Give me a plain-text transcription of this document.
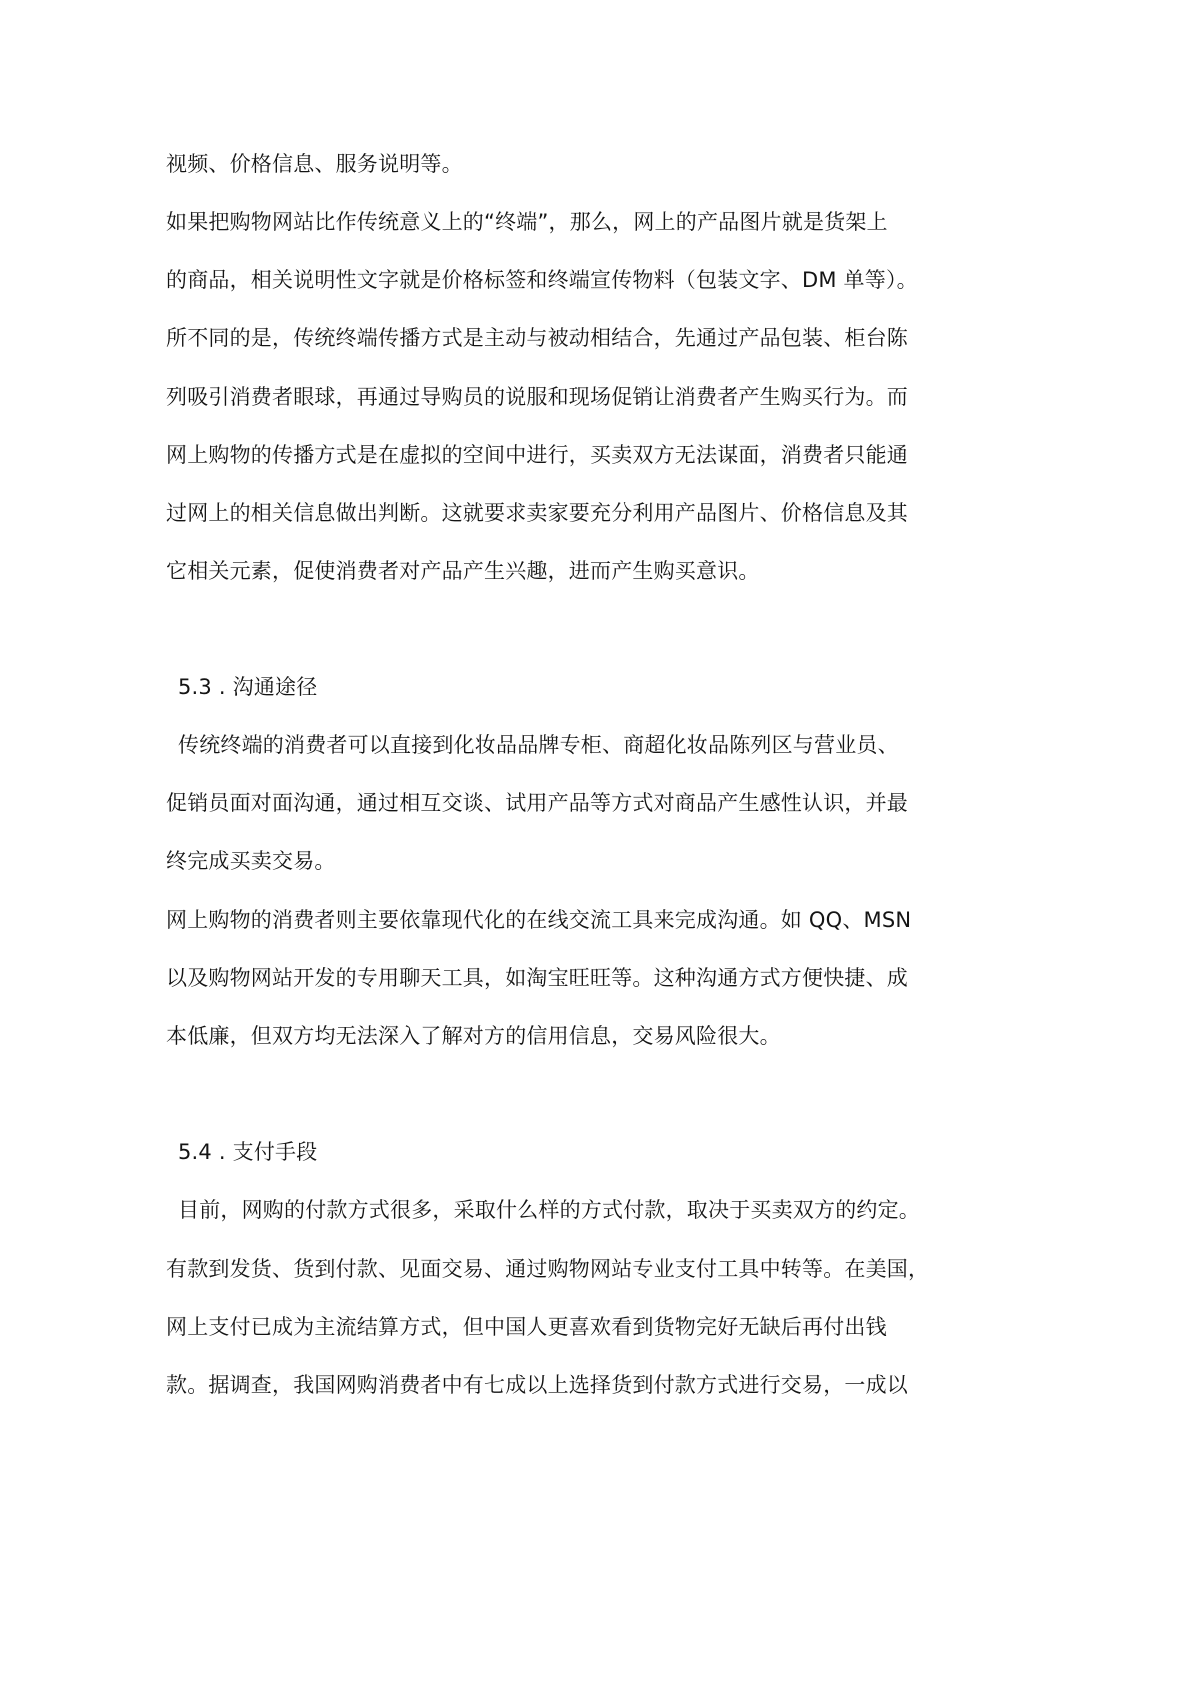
视频、价格信息、服务说明等。
如果把购物网站比作传统意义上的“终端”，那么，网上的产品图片就是货架上
的商品，相关说明性文字就是价格标签和终端宣传物料（包装文字、DM 单等）。
所不同的是，传统终端传播方式是主动与被动相结合，先通过产品包装、柜台陈
列吸引消费者眼球，再通过导购员的说服和现场促销让消费者产生购买行为。而
网上购物的传播方式是在虚拟的空间中进行，买卖双方无法谋面，消费者只能通
过网上的相关信息做出判断。这就要求卖家要充分利用产品图片、价格信息及其
它相关元素，促使消费者对产品产生兴趣，进而产生购买意识。
5.3 . 沟通途径
传统终端的消费者可以直接到化妆品品牌专柜、商超化妆品陈列区与营业员、
促销员面对面沟通，通过相互交谈、试用产品等方式对商品产生感性认识，并最
终完成买卖交易。
网上购物的消费者则主要依靠现代化的在线交流工具来完成沟通。如 QQ、MSN
以及购物网站开发的专用聊天工具，如淘宝旺旺等。这种沟通方式方便快捷、成
本低廉，但双方均无法深入了解对方的信用信息，交易风险很大。
5.4 . 支付手段
目前，网购的付款方式很多，采取什么样的方式付款，取决于买卖双方的约定。
有款到发货、货到付款、见面交易、通过购物网站专业支付工具中转等。在美国，
网上支付已成为主流结算方式，但中国人更喜欢看到货物完好无缺后再付出钱
款。据调查，我国网购消费者中有七成以上选择货到付款方式进行交易，一成以
